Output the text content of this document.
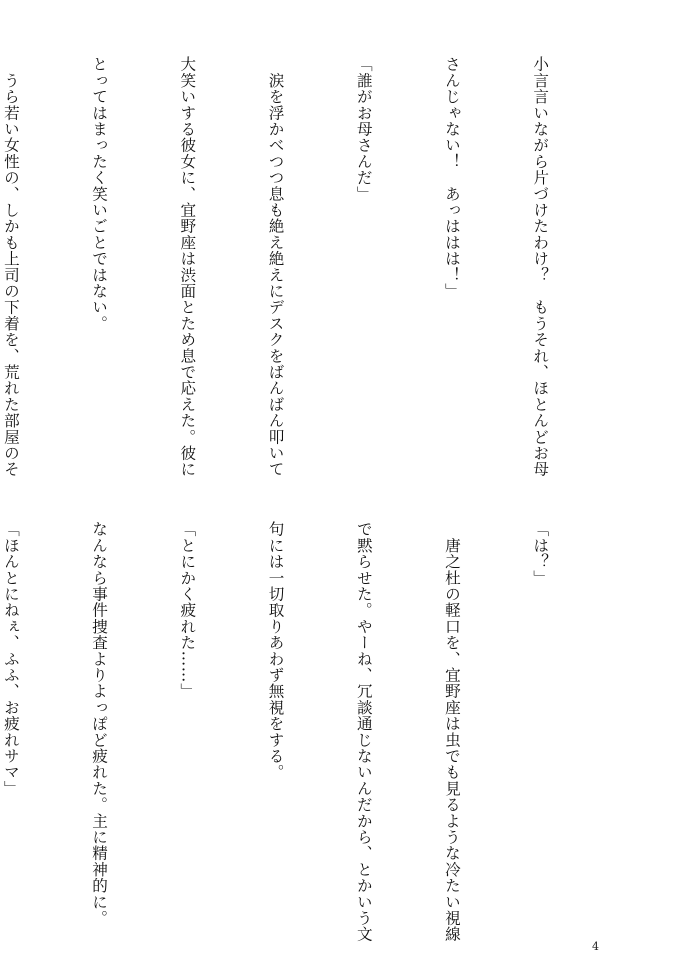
小言言いながら片づけたわけ？　もうそれ、ほとんどお母

さんじゃない！　あっははは！」

「誰がお母さんだ」

　涙を浮かべつつ息も絶え絶えにデスクをばんばん叩いて

大笑いする彼女に、宜野座は渋面とため息で応えた。彼に

とってはまったく笑いごとではない。

　うら若い女性の、しかも上司の下着を、荒れた部屋のそ

「は？」

　唐之杜の軽口を、宜野座は虫でも見るような冷たい視線

で黙らせた。やーね、冗談通じないんだから、とかいう文

句には一切取りあわず無視をする。

「とにかく疲れた……」

なんなら事件捜査よりよっぽど疲れた。主に精神的に。

「ほんとにねぇ、ふふ、お疲れサマ」

4
